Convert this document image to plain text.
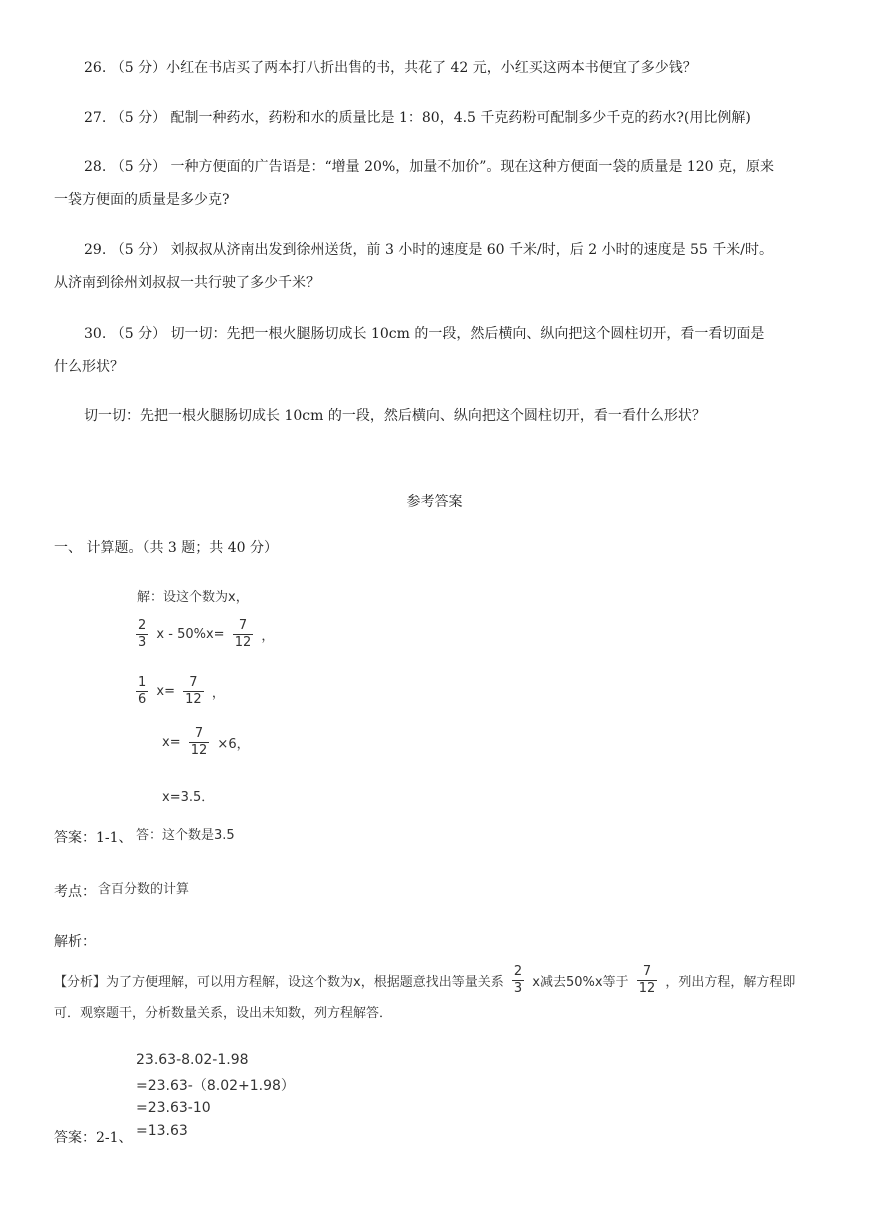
26. （5 分）小红在书店买了两本打八折出售的书，共花了 42 元，小红买这两本书便宜了多少钱？
27. （5 分） 配制一种药水，药粉和水的质量比是 1：80，4.5 千克药粉可配制多少千克的药水?(用比例解)
28. （5 分） 一种方便面的广告语是：“增量 20%，加量不加价”。现在这种方便面一袋的质量是 120 克，原来
一袋方便面的质量是多少克?
29. （5 分） 刘叔叔从济南出发到徐州送货，前 3 小时的速度是 60 千米/时，后 2 小时的速度是 55 千米/时。
从济南到徐州刘叔叔一共行驶了多少千米？
30. （5 分） 切一切：先把一根火腿肠切成长 10cm 的一段，然后横向、纵向把这个圆柱切开，看一看切面是
什么形状？
切一切：先把一根火腿肠切成长 10cm 的一段，然后横向、纵向把这个圆柱切开，看一看什么形状？
参考答案
一、 计算题。（共 3 题；共 40 分）
解：设这个数为x，
$\frac{2}{3}$ $x - 50\%x= \frac{7}{12}$ ，
$\frac{1}{6} x= \frac{7}{12}$ ，
$x= \frac{7}{12} \times 6$，
x=3.5．
答案：1-1、 答：这个数是3.5
考点： 含百分数的计算
解析：
【分析】为了方便理解，可以用方程解，设这个数为x，根据题意找出等量关系 $\frac{2}{3}$ x减去50%x等于 $\frac{7}{12}$ ，列出方程，解方程即
可．观察题干，分析数量关系，设出未知数，列方程解答．
23.63-8.02-1.98
=23.63-（8.02+1.98）
=23.63-10
=13.63
答案：2-1、
